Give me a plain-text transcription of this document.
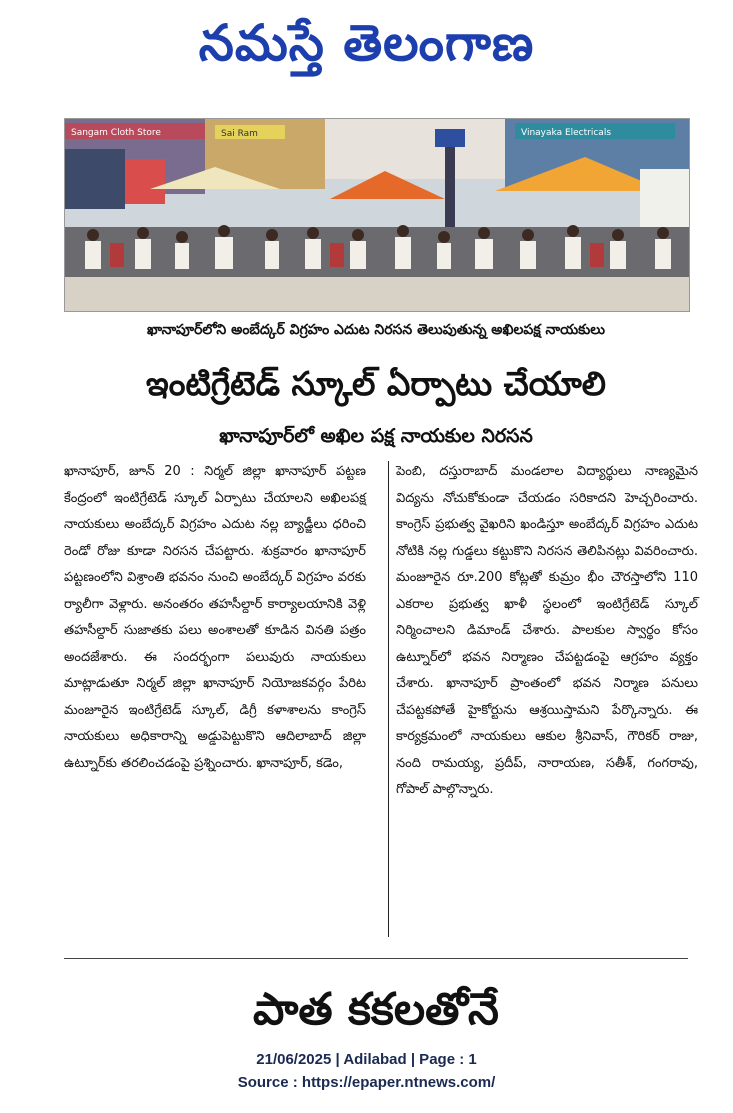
నమస్తే తెలంగాణ
Sangam Cloth Store	Sai Ram	Vinayaka Electricals
ఖానాపూర్‌లోని అంబేద్కర్ విగ్రహం ఎదుట నిరసన తెలుపుతున్న అఖిలపక్ష నాయకులు
ఇంటిగ్రేటెడ్ స్కూల్ ఏర్పాటు చేయాలి
ఖానాపూర్‌లో అఖిల పక్ష నాయకుల నిరసన
ఖానాపూర్, జూన్ 20 : నిర్మల్ జిల్లా ఖానాపూర్ పట్టణ కేంద్రంలో ఇంటిగ్రేటెడ్ స్కూల్ ఏర్పాటు చేయాలని అఖిలపక్ష నాయకులు అంబేద్కర్ విగ్రహం ఎదుట నల్ల బ్యాడ్జీలు ధరించి రెండో రోజు కూడా నిరసన చేపట్టారు. శుక్రవారం ఖానాపూర్ పట్టణంలోని విశ్రాంతి భవనం నుంచి అంబేద్కర్ విగ్రహం వరకు ర్యాలీగా వెళ్లారు. అనంతరం తహసీల్దార్ కార్యాలయానికి వెళ్లి తహసీల్దార్ సుజాతకు పలు అంశాలతో కూడిన వినతి పత్రం అందజేశారు. ఈ సందర్భంగా పలువురు నాయకులు మాట్లాడుతూ నిర్మల్ జిల్లా ఖానాపూర్ నియోజకవర్గం పేరిట మంజూరైన ఇంటిగ్రేటెడ్ స్కూల్, డిగ్రీ కళాశాలను కాంగ్రెస్ నాయకులు అధికారాన్ని అడ్డుపెట్టుకొని ఆదిలాబాద్ జిల్లా ఉట్నూర్‌కు తరలించడంపై ప్రశ్నించారు. ఖానాపూర్, కడెం,
పెంబి, దస్తురాబాద్ మండలాల విద్యార్థులు నాణ్యమైన విద్యను నోచుకోకుండా చేయడం సరికాదని హెచ్చరించారు. కాంగ్రెస్ ప్రభుత్వ వైఖరిని ఖండిస్తూ అంబేద్కర్ విగ్రహం ఎదుట నోటికి నల్ల గుడ్డలు కట్టుకొని నిరసన తెలిపినట్లు వివరించారు. మంజూరైన రూ.200 కోట్లతో కుమ్రం భీం చౌరస్తాలోని 110 ఎకరాల ప్రభుత్వ ఖాళీ స్థలంలో ఇంటిగ్రేటెడ్ స్కూల్ నిర్మించాలని డిమాండ్ చేశారు. పాలకుల స్వార్థం కోసం ఉట్నూర్‌లో భవన నిర్మాణం చేపట్టడంపై ఆగ్రహం వ్యక్తం చేశారు. ఖానాపూర్ ప్రాంతంలో భవన నిర్మాణ పనులు చేపట్టకపోతే హైకోర్టును ఆశ్రయిస్తామని పేర్కొన్నారు. ఈ కార్యక్రమంలో నాయకులు ఆకుల శ్రీనివాస్, గౌరికర్ రాజు, నంది రామయ్య, ప్రదీప్, నారాయణ, సతీశ్, గంగరావు, గోపాల్ పాల్గొన్నారు.
పాత కకలతోనే
21/06/2025 | Adilabad | Page : 1
Source : https://epaper.ntnews.com/
